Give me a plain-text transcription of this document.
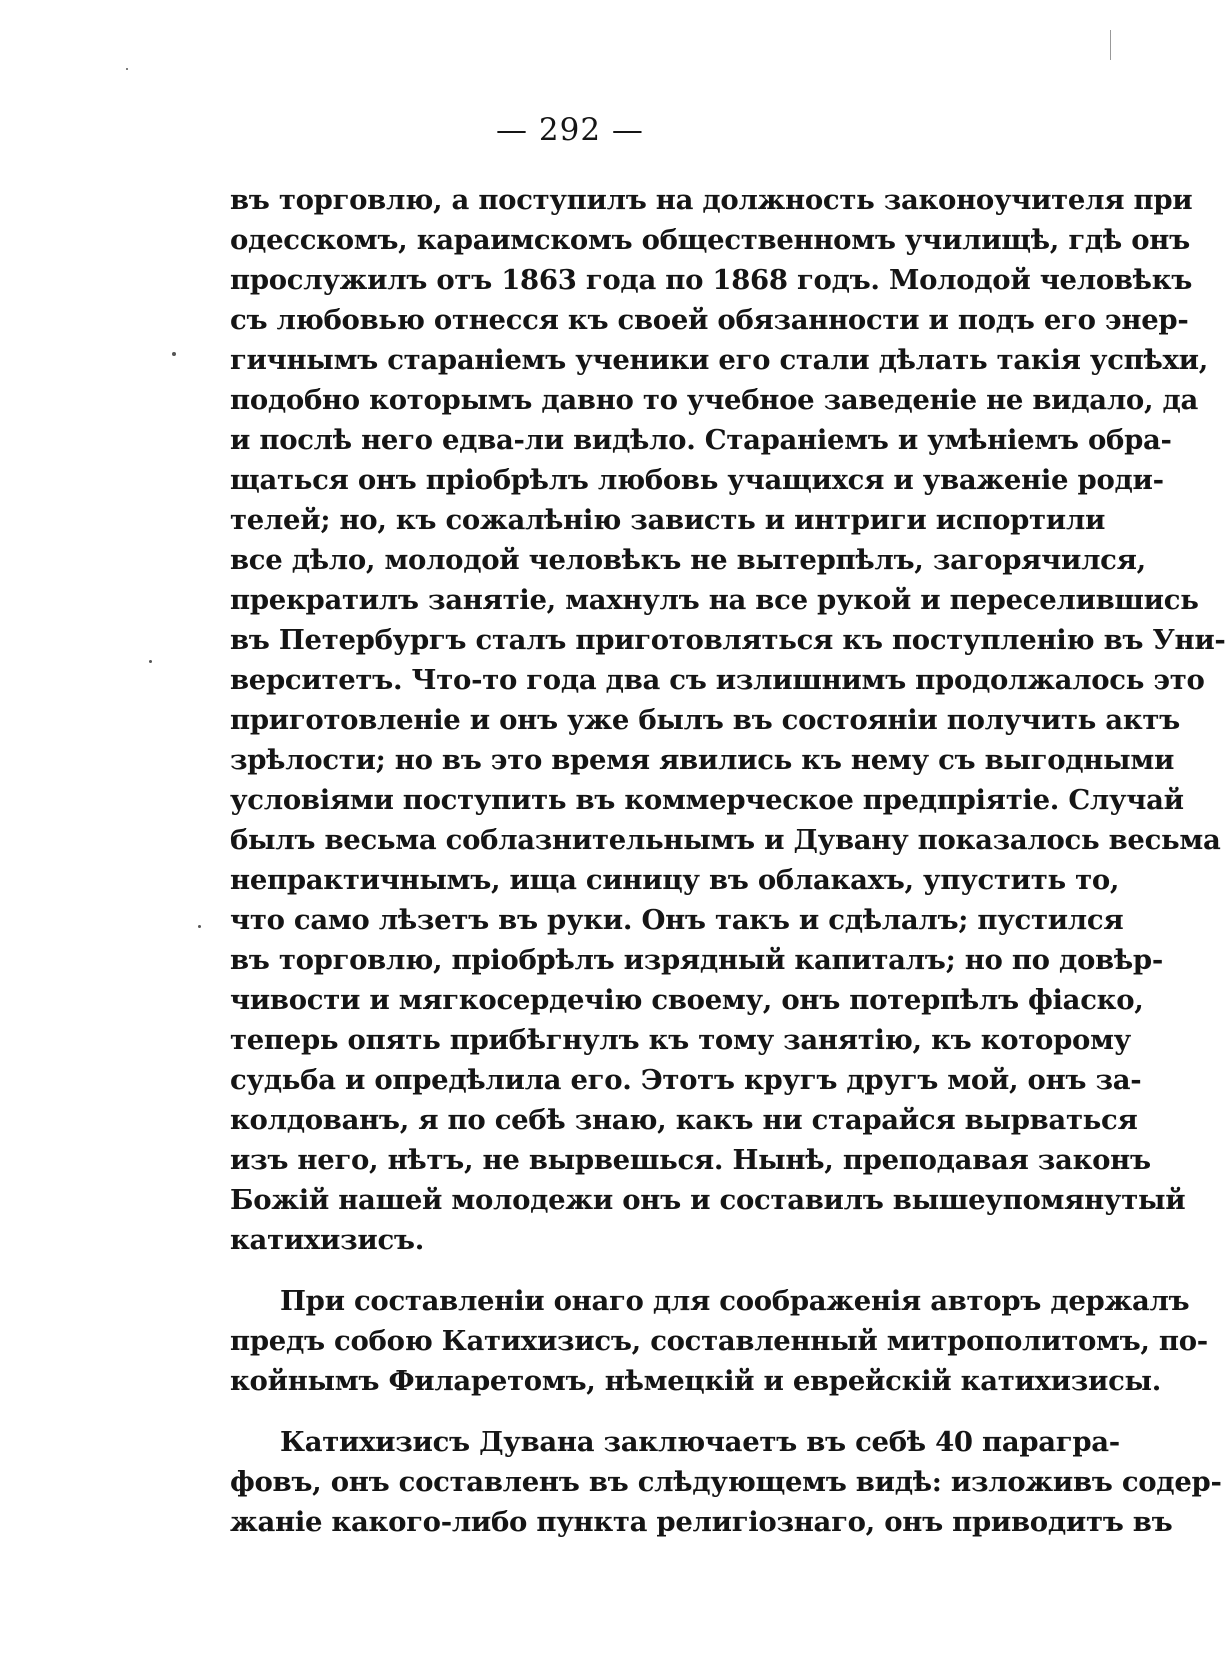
— 292 —
въ торговлю, а поступилъ на должность законоучителя при
одесскомъ, караимскомъ общественномъ училищѣ, гдѣ онъ
прослужилъ отъ 1863 года по 1868 годъ. Молодой человѣкъ
съ любовью отнесся къ своей обязанности и подъ его энер-
гичнымъ стараніемъ ученики его стали дѣлать такія успѣхи,
подобно которымъ давно то учебное заведеніе не видало, да
и послѣ него едва-ли видѣло. Стараніемъ и умѣніемъ обра-
щаться онъ пріобрѣлъ любовь учащихся и уваженіе роди-
телей; но, къ сожалѣнію зависть и интриги испортили
все дѣло, молодой человѣкъ не вытерпѣлъ, загорячился,
прекратилъ занятіе, махнулъ на все рукой и переселившись
въ Петербургъ сталъ приготовляться къ поступленію въ Уни-
верситетъ. Что-то года два съ излишнимъ продолжалось это
приготовленіе и онъ уже былъ въ состояніи получить актъ
зрѣлости; но въ это время явились къ нему съ выгодными
условіями поступить въ коммерческое предпріятіе. Случай
былъ весьма соблазнительнымъ и Дувану показалось весьма
непрактичнымъ, ища синицу въ облакахъ, упустить то,
что само лѣзетъ въ руки. Онъ такъ и сдѣлалъ; пустился
въ торговлю, пріобрѣлъ изрядный капиталъ; но по довѣр-
чивости и мягкосердечію своему, онъ потерпѣлъ фіаско,
теперь опять прибѣгнулъ къ тому занятію, къ которому
судьба и опредѣлила его. Этотъ кругъ другъ мой, онъ за-
колдованъ, я по себѣ знаю, какъ ни старайся вырваться
изъ него, нѣтъ, не вырвешься. Нынѣ, преподавая законъ
Божій нашей молодежи онъ и составилъ вышеупомянутый
катихизисъ.
При составленіи онаго для соображенія авторъ держалъ
предъ собою Катихизисъ, составленный митрополитомъ, по-
койнымъ Филаретомъ, нѣмецкій и еврейскій катихизисы.
Катихизисъ Дувана заключаетъ въ себѣ 40 парагра-
фовъ, онъ составленъ въ слѣдующемъ видѣ: изложивъ содер-
жаніе какого-либо пункта религіознаго, онъ приводитъ въ
